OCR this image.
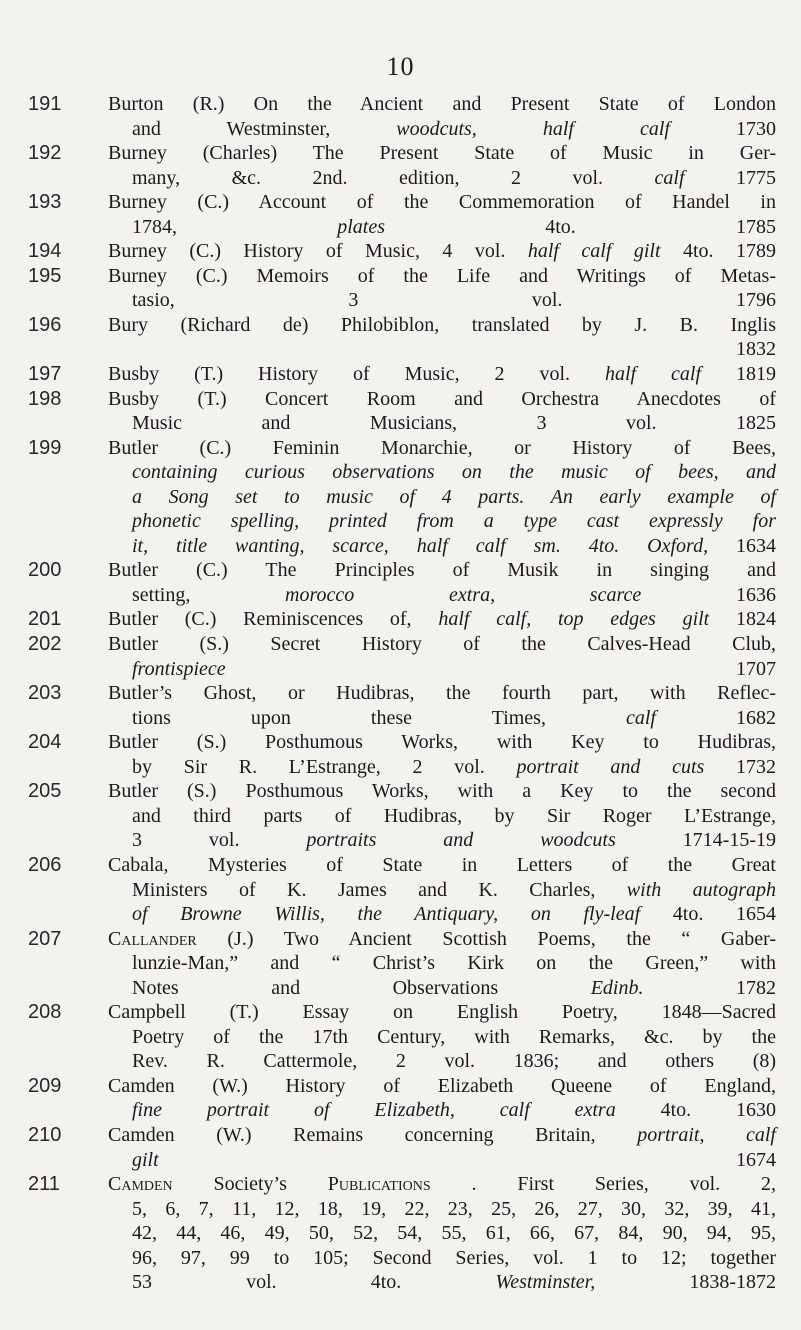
10
191	Burton (R.) On the Ancient and Present State of London
and Westminster, woodcuts, half calf	1730
192	Burney (Charles) The Present State of Music in Ger-
many, &c. 2nd. edition, 2 vol. calf	1775
193	Burney (C.) Account of the Commemoration of Handel in
1784, plates	4to. 1785
194	Burney (C.) History of Music, 4 vol. half calf gilt 4to. 1789
195	Burney (C.) Memoirs of the Life and Writings of Metas-
tasio, 3 vol.	1796
196	Bury (Richard de) Philobiblon, translated by J. B. Inglis
1832
197	Busby (T.) History of Music, 2 vol. half calf 1819
198	Busby (T.) Concert Room and Orchestra Anecdotes of
Music and Musicians, 3 vol.	1825
199	Butler (C.) Feminin Monarchie, or History of Bees,
containing curious observations on the music of bees, and
a Song set to music of 4 parts. An early example of
phonetic spelling, printed from a type cast expressly for
it, title wanting, scarce, half calf sm. 4to. Oxford, 1634
200	Butler (C.) The Principles of Musik in singing and
setting, morocco extra, scarce	1636
201	Butler (C.) Reminiscences of, half calf, top edges gilt 1824
202	Butler (S.) Secret History of the Calves-Head Club,
frontispiece	1707
203	Butler’s Ghost, or Hudibras, the fourth part, with Reflec-
tions upon these Times, calf	1682
204	Butler (S.) Posthumous Works, with Key to Hudibras,
by Sir R. L’Estrange, 2 vol. portrait and cuts 1732
205	Butler (S.) Posthumous Works, with a Key to the second
and third parts of Hudibras, by Sir Roger L’Estrange,
3 vol. portraits and woodcuts	1714-15-19
206	Cabala, Mysteries of State in Letters of the Great
Ministers of K. James and K. Charles, with autograph
of Browne Willis, the Antiquary, on fly-leaf 4to. 1654
207	Callander (J.) Two Ancient Scottish Poems, the “ Gaber-
lunzie-Man,” and “ Christ’s Kirk on the Green,” with
Notes and Observations	Edinb.	1782
208	Campbell (T.) Essay on English Poetry, 1848—Sacred
Poetry of the 17th Century, with Remarks, &c. by the
Rev. R. Cattermole, 2 vol. 1836; and others (8)
209	Camden (W.) History of Elizabeth Queene of England,
fine portrait of Elizabeth, calf extra 4to. 1630
210	Camden (W.) Remains concerning Britain, portrait, calf
gilt	1674
211	Camden Society’s Publications . First Series, vol. 2,
5, 6, 7, 11, 12, 18, 19, 22, 23, 25, 26, 27, 30, 32, 39, 41,
42, 44, 46, 49, 50, 52, 54, 55, 61, 66, 67, 84, 90, 94, 95,
96, 97, 99 to 105; Second Series, vol. 1 to 12; together
53 vol.	4to.	Westminster,	1838-1872
